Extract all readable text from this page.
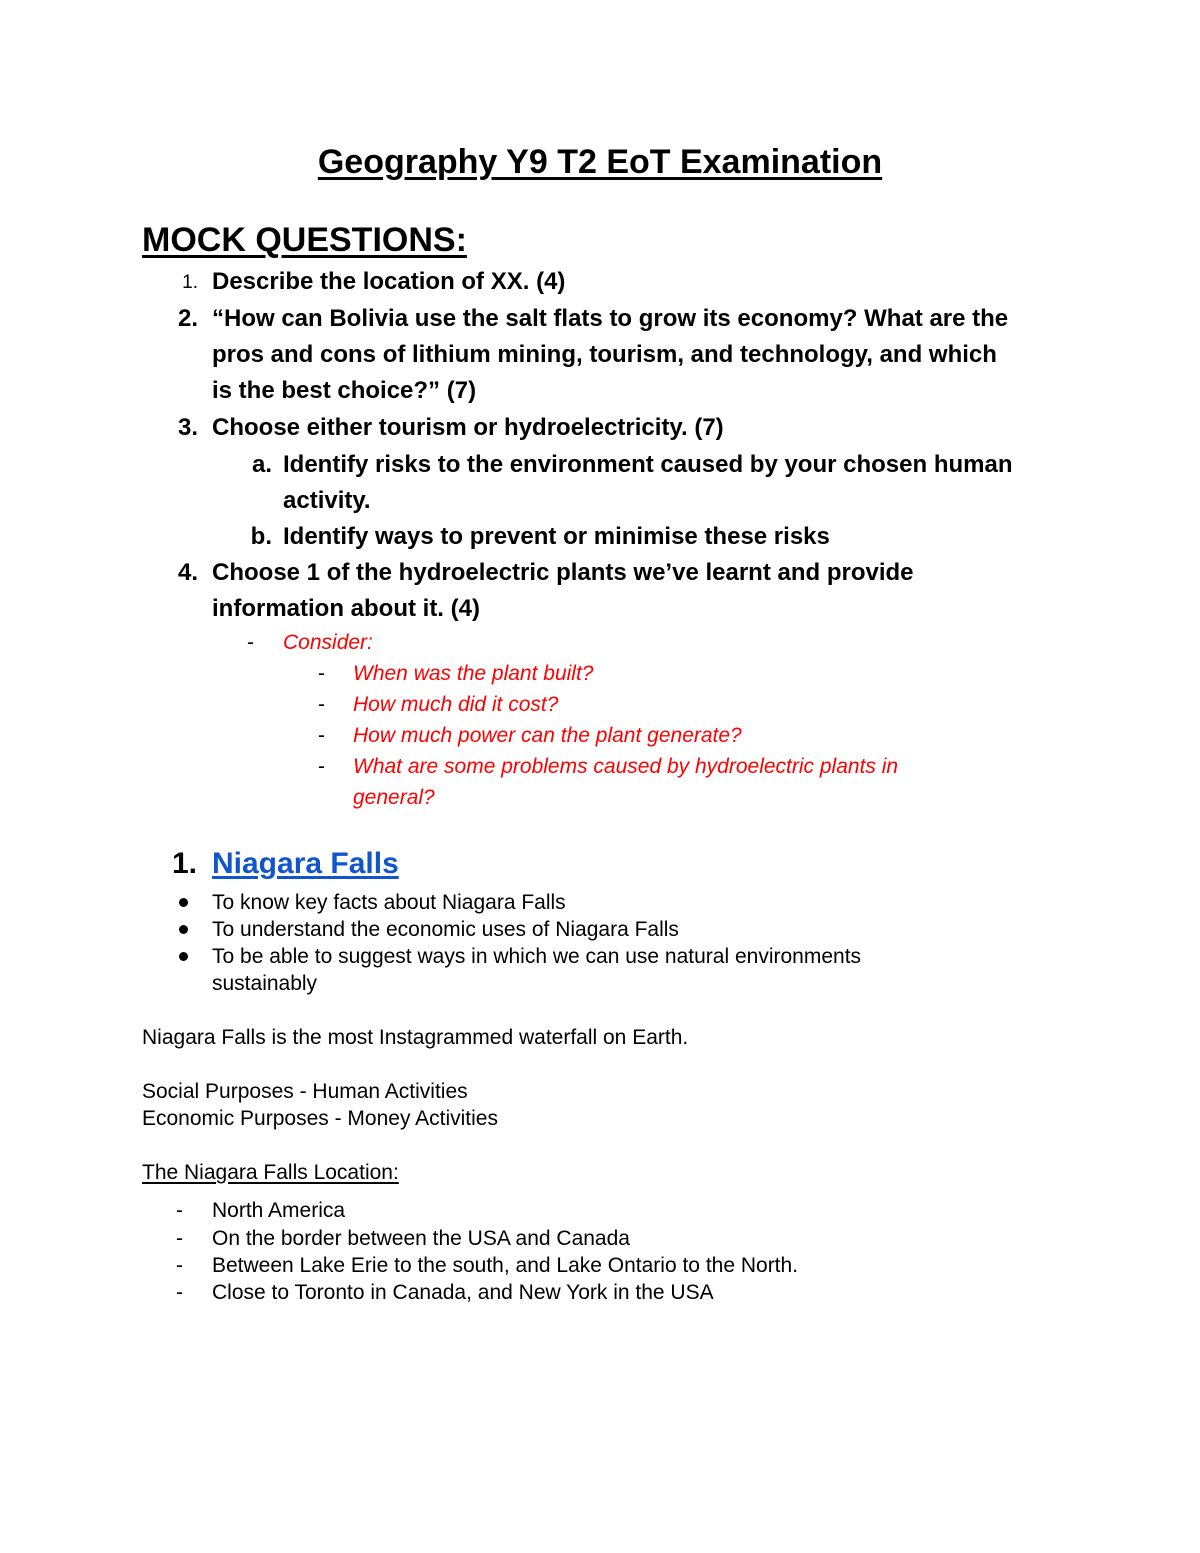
Geography Y9 T2 EoT Examination
MOCK QUESTIONS:
1. Describe the location of XX. (4)
2. “How can Bolivia use the salt flats to grow its economy? What are the
pros and cons of lithium mining, tourism, and technology, and which
is the best choice?” (7)
3. Choose either tourism or hydroelectricity. (7)
a. Identify risks to the environment caused by your chosen human
activity.
b. Identify ways to prevent or minimise these risks
4. Choose 1 of the hydroelectric plants we’ve learnt and provide
information about it. (4)
- Consider:
- When was the plant built?
- How much did it cost?
- How much power can the plant generate?
- What are some problems caused by hydroelectric plants in
general?
1. Niagara Falls
To know key facts about Niagara Falls
To understand the economic uses of Niagara Falls
To be able to suggest ways in which we can use natural environments
sustainably
Niagara Falls is the most Instagrammed waterfall on Earth.
Social Purposes - Human Activities
Economic Purposes - Money Activities
The Niagara Falls Location:
- North America
- On the border between the USA and Canada
- Between Lake Erie to the south, and Lake Ontario to the North.
- Close to Toronto in Canada, and New York in the USA
